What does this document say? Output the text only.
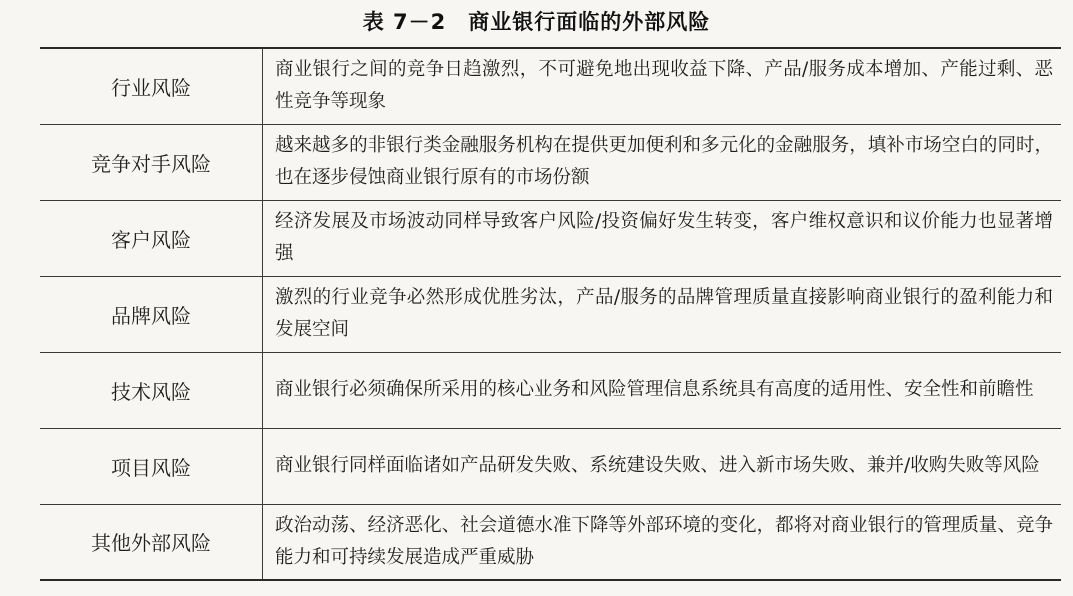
表 7－2 商业银行面临的外部风险
行业风险	商业银行之间的竞争日趋激烈，不可避免地出现收益下降、产品/服务成本增加、产能过剩、恶性竞争等现象
竞争对手风险	越来越多的非银行类金融服务机构在提供更加便利和多元化的金融服务，填补市场空白的同时，也在逐步侵蚀商业银行原有的市场份额
客户风险	经济发展及市场波动同样导致客户风险/投资偏好发生转变，客户维权意识和议价能力也显著增强
品牌风险	激烈的行业竞争必然形成优胜劣汰，产品/服务的品牌管理质量直接影响商业银行的盈利能力和发展空间
技术风险	商业银行必须确保所采用的核心业务和风险管理信息系统具有高度的适用性、安全性和前瞻性
项目风险	商业银行同样面临诸如产品研发失败、系统建设失败、进入新市场失败、兼并/收购失败等风险
其他外部风险	政治动荡、经济恶化、社会道德水准下降等外部环境的变化，都将对商业银行的管理质量、竞争能力和可持续发展造成严重威胁
